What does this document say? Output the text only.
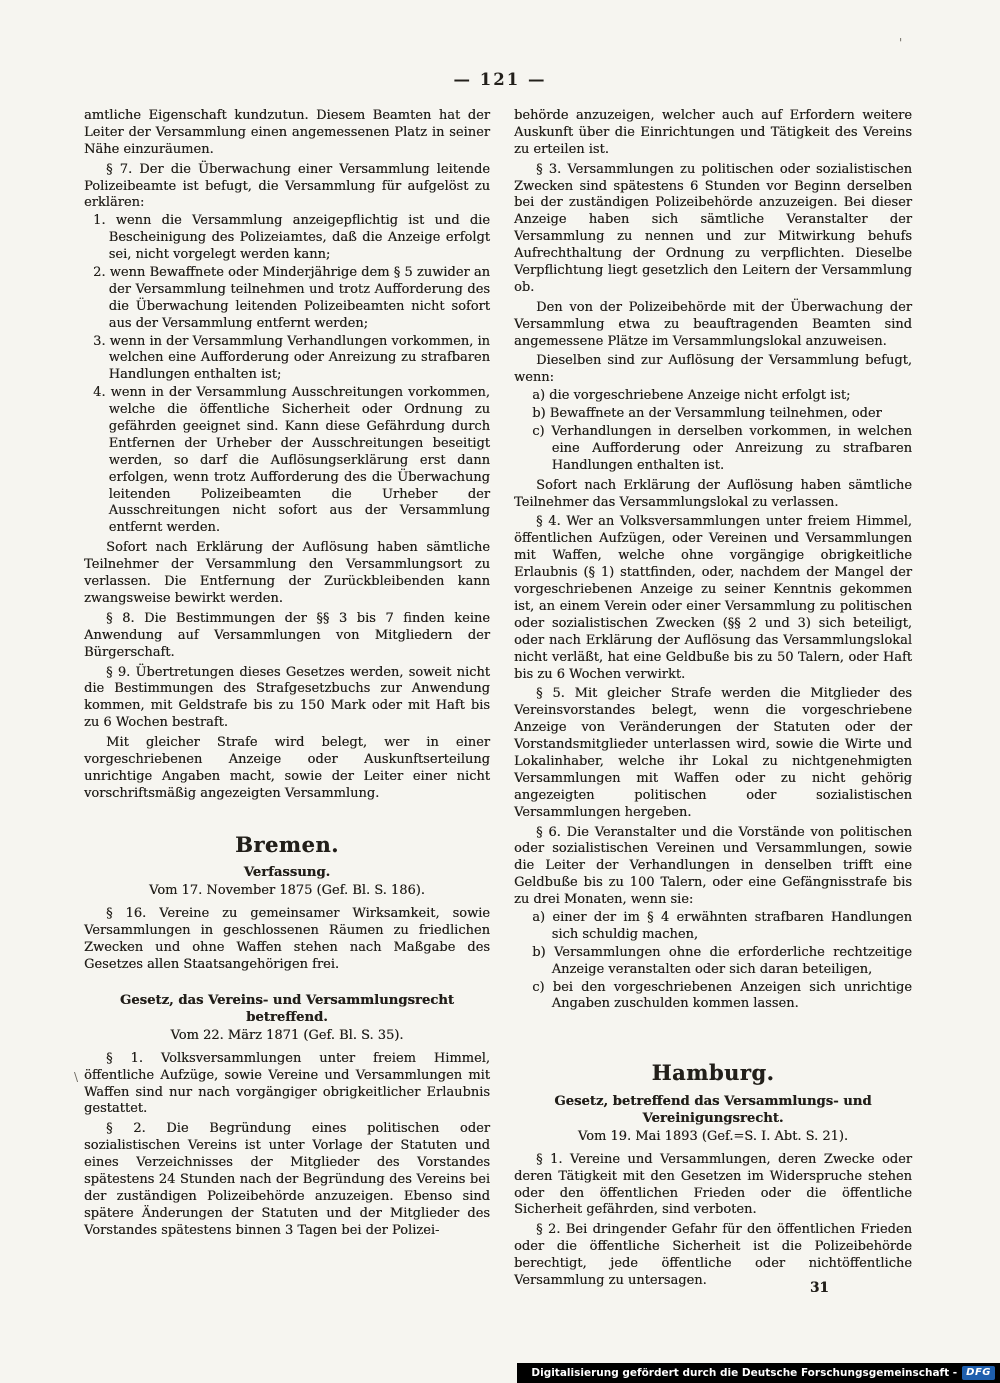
— 121 —
'
\
amtliche Eigenschaft kundzutun. Diesem Beamten hat der Leiter der Versammlung einen angemessenen Platz in seiner Nähe einzuräumen.
§ 7. Der die Überwachung einer Versammlung leitende Polizeibeamte ist befugt, die Versammlung für aufgelöst zu erklären:
1. wenn die Versammlung anzeigepflichtig ist und die Bescheinigung des Polizeiamtes, daß die Anzeige erfolgt sei, nicht vorgelegt werden kann;
2. wenn Bewaffnete oder Minderjährige dem § 5 zuwider an der Versammlung teilnehmen und trotz Aufforderung des die Überwachung leitenden Polizeibeamten nicht sofort aus der Versammlung entfernt werden;
3. wenn in der Versammlung Verhandlungen vorkommen, in welchen eine Aufforderung oder Anreizung zu strafbaren Handlungen enthalten ist;
4. wenn in der Versammlung Ausschreitungen vorkommen, welche die öffentliche Sicherheit oder Ordnung zu gefährden geeignet sind. Kann diese Gefährdung durch Entfernen der Urheber der Ausschreitungen beseitigt werden, so darf die Auflösungserklärung erst dann erfolgen, wenn trotz Aufforderung des die Überwachung leitenden Polizeibeamten die Urheber der Ausschreitungen nicht sofort aus der Versammlung entfernt werden.
Sofort nach Erklärung der Auflösung haben sämtliche Teilnehmer der Versammlung den Versammlungsort zu verlassen. Die Entfernung der Zurückbleibenden kann zwangsweise bewirkt werden.
§ 8. Die Bestimmungen der §§ 3 bis 7 finden keine Anwendung auf Versammlungen von Mitgliedern der Bürgerschaft.
§ 9. Übertretungen dieses Gesetzes werden, soweit nicht die Bestimmungen des Strafgesetzbuchs zur Anwendung kommen, mit Geldstrafe bis zu 150 Mark oder mit Haft bis zu 6 Wochen bestraft.
Mit gleicher Strafe wird belegt, wer in einer vorgeschriebenen Anzeige oder Auskunftserteilung unrichtige Angaben macht, sowie der Leiter einer nicht vorschriftsmäßig angezeigten Versammlung.
Bremen.
Verfassung.
Vom 17. November 1875 (Gef. Bl. S. 186).
§ 16. Vereine zu gemeinsamer Wirksamkeit, sowie Versammlungen in geschlossenen Räumen zu friedlichen Zwecken und ohne Waffen stehen nach Maßgabe des Gesetzes allen Staatsangehörigen frei.
Gesetz, das Vereins- und Versammlungsrecht betreffend.
Vom 22. März 1871 (Gef. Bl. S. 35).
§ 1. Volksversammlungen unter freiem Himmel, öffentliche Aufzüge, sowie Vereine und Versammlungen mit Waffen sind nur nach vorgängiger obrigkeitlicher Erlaubnis gestattet.
§ 2. Die Begründung eines politischen oder sozialistischen Vereins ist unter Vorlage der Statuten und eines Verzeichnisses der Mitglieder des Vorstandes spätestens 24 Stunden nach der Begründung des Vereins bei der zuständigen Polizeibehörde anzuzeigen. Ebenso sind spätere Änderungen der Statuten und der Mitglieder des Vorstandes spätestens binnen 3 Tagen bei der Polizei-
behörde anzuzeigen, welcher auch auf Erfordern weitere Auskunft über die Einrichtungen und Tätigkeit des Vereins zu erteilen ist.
§ 3. Versammlungen zu politischen oder sozialistischen Zwecken sind spätestens 6 Stunden vor Beginn derselben bei der zuständigen Polizeibehörde anzuzeigen. Bei dieser Anzeige haben sich sämtliche Veranstalter der Versammlung zu nennen und zur Mitwirkung behufs Aufrechthaltung der Ordnung zu verpflichten. Dieselbe Verpflichtung liegt gesetzlich den Leitern der Versammlung ob.
Den von der Polizeibehörde mit der Überwachung der Versammlung etwa zu beauftragenden Beamten sind angemessene Plätze im Versammlungslokal anzuweisen.
Dieselben sind zur Auflösung der Versammlung befugt, wenn:
a) die vorgeschriebene Anzeige nicht erfolgt ist;
b) Bewaffnete an der Versammlung teilnehmen, oder
c) Verhandlungen in derselben vorkommen, in welchen eine Aufforderung oder Anreizung zu strafbaren Handlungen enthalten ist.
Sofort nach Erklärung der Auflösung haben sämtliche Teilnehmer das Versammlungslokal zu verlassen.
§ 4. Wer an Volksversammlungen unter freiem Himmel, öffentlichen Aufzügen, oder Vereinen und Versammlungen mit Waffen, welche ohne vorgängige obrigkeitliche Erlaubnis (§ 1) stattfinden, oder, nachdem der Mangel der vorgeschriebenen Anzeige zu seiner Kenntnis gekommen ist, an einem Verein oder einer Versammlung zu politischen oder sozialistischen Zwecken (§§ 2 und 3) sich beteiligt, oder nach Erklärung der Auflösung das Versammlungslokal nicht verläßt, hat eine Geldbuße bis zu 50 Talern, oder Haft bis zu 6 Wochen verwirkt.
§ 5. Mit gleicher Strafe werden die Mitglieder des Vereinsvorstandes belegt, wenn die vorgeschriebene Anzeige von Veränderungen der Statuten oder der Vorstandsmitglieder unterlassen wird, sowie die Wirte und Lokalinhaber, welche ihr Lokal zu nichtgenehmigten Versammlungen mit Waffen oder zu nicht gehörig angezeigten politischen oder sozialistischen Versammlungen hergeben.
§ 6. Die Veranstalter und die Vorstände von politischen oder sozialistischen Vereinen und Versammlungen, sowie die Leiter der Verhandlungen in denselben trifft eine Geldbuße bis zu 100 Talern, oder eine Gefängnisstrafe bis zu drei Monaten, wenn sie:
a) einer der im § 4 erwähnten strafbaren Handlungen sich schuldig machen,
b) Versammlungen ohne die erforderliche rechtzeitige Anzeige veranstalten oder sich daran beteiligen,
c) bei den vorgeschriebenen Anzeigen sich unrichtige Angaben zuschulden kommen lassen.
Hamburg.
Gesetz, betreffend das Versammlungs- und Vereinigungsrecht.
Vom 19. Mai 1893 (Gef.=S. I. Abt. S. 21).
§ 1. Vereine und Versammlungen, deren Zwecke oder deren Tätigkeit mit den Gesetzen im Widerspruche stehen oder den öffentlichen Frieden oder die öffentliche Sicherheit gefährden, sind verboten.
§ 2. Bei dringender Gefahr für den öffentlichen Frieden oder die öffentliche Sicherheit ist die Polizeibehörde berechtigt, jede öffentliche oder nichtöffentliche Versammlung zu untersagen.	31
Digitalisierung gefördert durch die Deutsche Forschungsgemeinschaft - DFG
